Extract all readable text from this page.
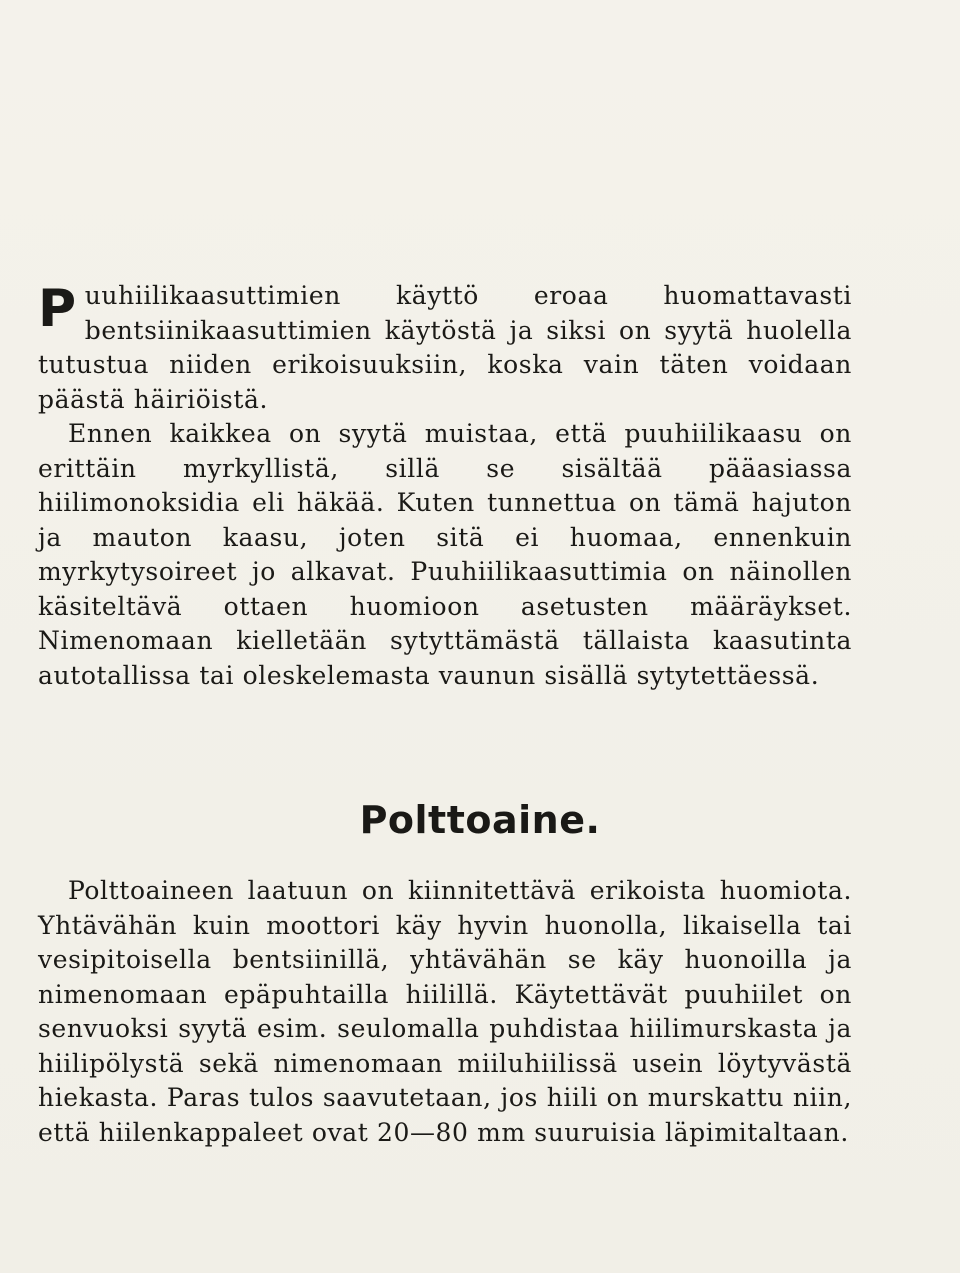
Puuhiilikaasuttimien käyttö eroaa huomattavasti bentsiinikaasuttimien käytöstä ja siksi on syytä huolella tutustua niiden erikoisuuksiin, koska vain täten voidaan päästä häiriöistä.

Ennen kaikkea on syytä muistaa, että puuhiilikaasu on erittäin myrkyllistä, sillä se sisältää pääasiassa hiilimonoksidia eli häkää. Kuten tunnettua on tämä hajuton ja mauton kaasu, joten sitä ei huomaa, ennenkuin myrkytysoireet jo alkavat. Puuhiilikaasuttimia on näinollen käsiteltävä ottaen huomioon asetusten määräykset. Nimenomaan kielletään sytyttämästä tällaista kaasutinta autotallissa tai oleskelemasta vaunun sisällä sytytettäessä.

Polttoaine.

Polttoaineen laatuun on kiinnitettävä erikoista huomiota. Yhtävähän kuin moottori käy hyvin huonolla, likaisella tai vesipitoisella bentsiinillä, yhtävähän se käy huonoilla ja nimenomaan epäpuhtailla hiilillä. Käytettävät puuhiilet on senvuoksi syytä esim. seulomalla puhdistaa hiilimurskasta ja hiilipölystä sekä nimenomaan miiluhiilissä usein löytyvästä hiekasta. Paras tulos saavutetaan, jos hiili on murskattu niin, että hiilenkappaleet ovat 20—80 mm suuruisia läpimitaltaan.
